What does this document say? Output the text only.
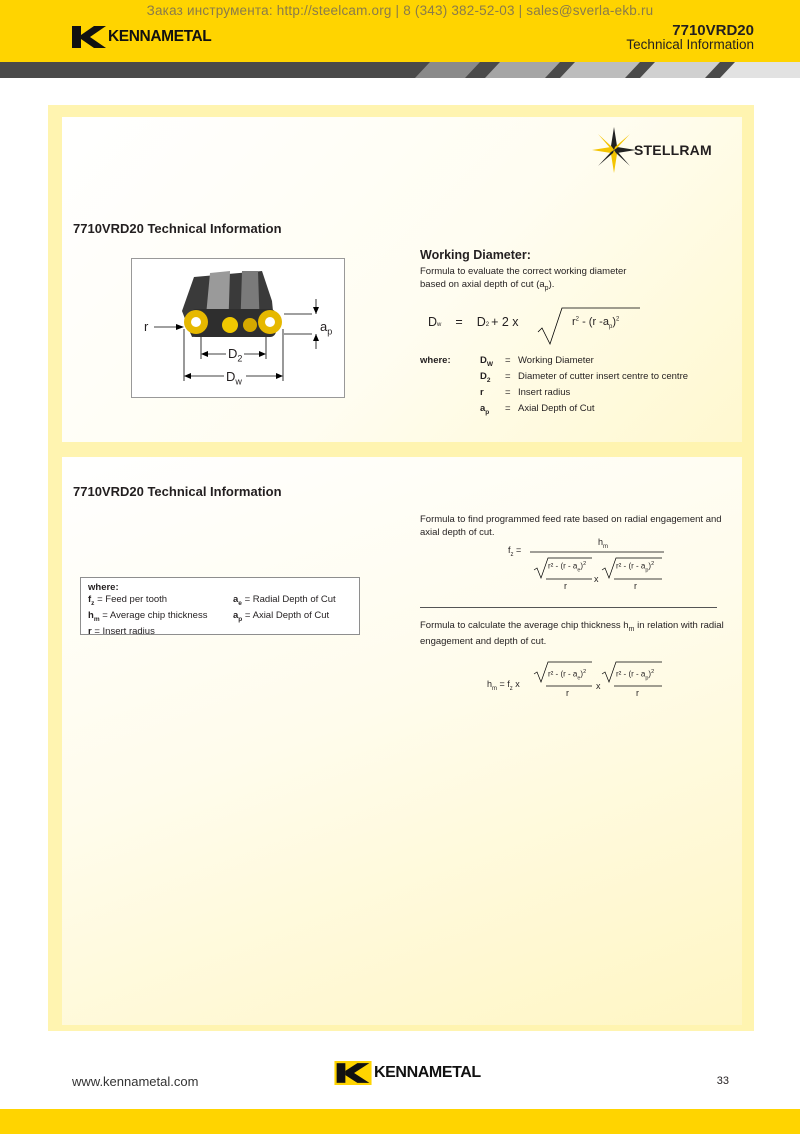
Заказ инструмента: http://steelcam.org | 8 (343) 382-52-03 | sales@sverla-ekb.ru
KENNAMETAL	7710VRD20
Technical Information
STELLRAM
7710VRD20 Technical Information
r	$a_p$
$D_2$
$D_w$
Working Diameter:
Formula to evaluate the correct working diameter
based on axial depth of cut $(a_p)$.
$D_w = D_2 + 2$ x	$r^2 - (r$ $-a_p)^2$
where:	$D_W$	=	Working Diameter
$D_2$	=	Diameter of cutter insert centre to centre
r	=	Insert radius
$a_p$	=	Axial Depth of Cut
7710VRD20 Technical Information
where:
$f_z$ = Feed per tooth
$h_m$ = Average chip thickness
r = Insert radius
$a_e$ = Radial Depth of Cut
$a_p$ = Axial Depth of Cut
Formula to find programmed feed rate based on radial engagement and
axial depth of cut.
$f_z$ =
$h_m$
$r^2 - (r - a_e)^2$	$r^2 - (r - a_p)^2$
x
r	r
Formula to calculate the average chip thickness $h_m$ in relation with radial
engagement and depth of cut.
$h_m = f_z$ x
$r^2 - (r - a_e)^2$	$r^2 - (r - a_p)^2$
x
r	r
www.kennametal.com
KENNAMETAL	33
